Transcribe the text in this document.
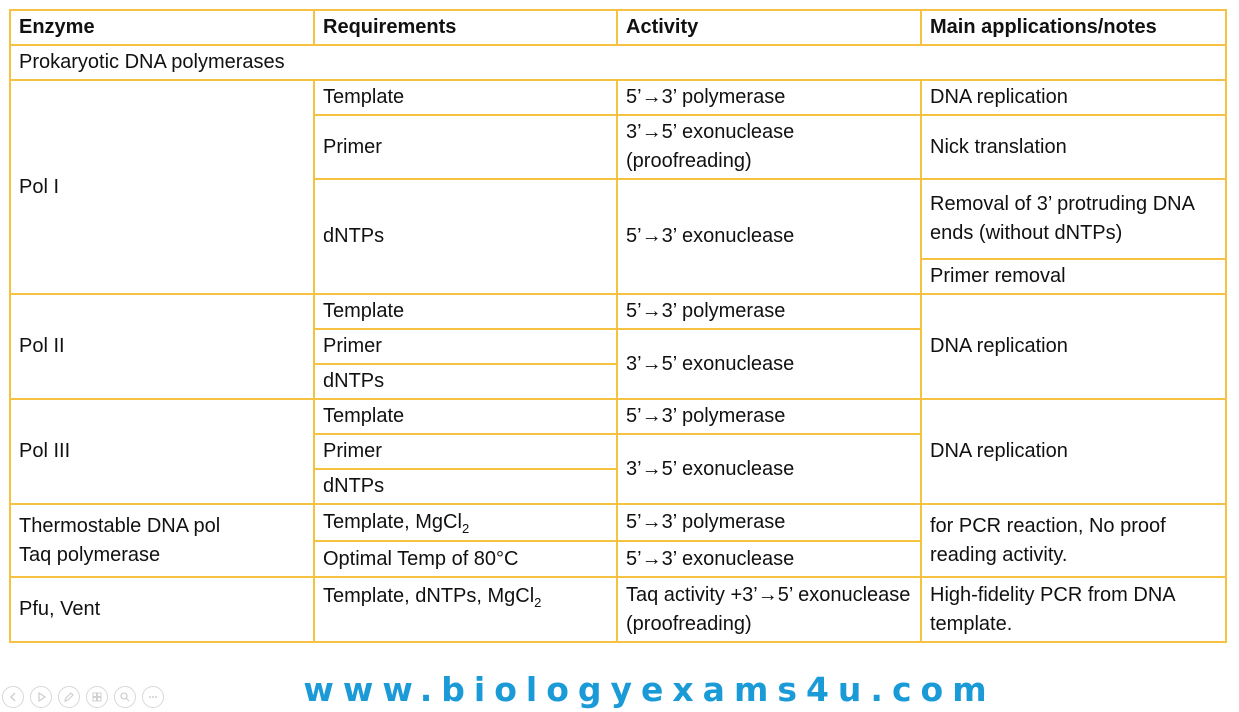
Enzyme	Requirements	Activity	Main applications/notes
Prokaryotic DNA polymerases			
Pol I	Template	5’→3’ polymerase	DNA replication
	Primer	3’→5’ exonuclease (proofreading)	Nick translation
	dNTPs	5’→3’ exonuclease	Removal of 3’ protruding DNA ends (without dNTPs)
			Primer removal
Pol II	Template	5’→3’ polymerase	DNA replication
	Primer	3’→5’ exonuclease	
	dNTPs		
Pol III	Template	5’→3’ polymerase	DNA replication
	Primer	3’→5’ exonuclease	
	dNTPs		

Thermostable DNA pol
Taq polymerase	Template, MgCl$_2$	5’→3’ polymerase	for PCR reaction, No proof reading activity.
	Optimal Temp of 80°C	5’→3’ exonuclease	
Pfu, Vent	Template, dNTPs, MgCl$_2$	Taq activity +3’→5’ exonuclease (proofreading)	High-fidelity PCR from DNA template.
www.biologyexams4u.com
